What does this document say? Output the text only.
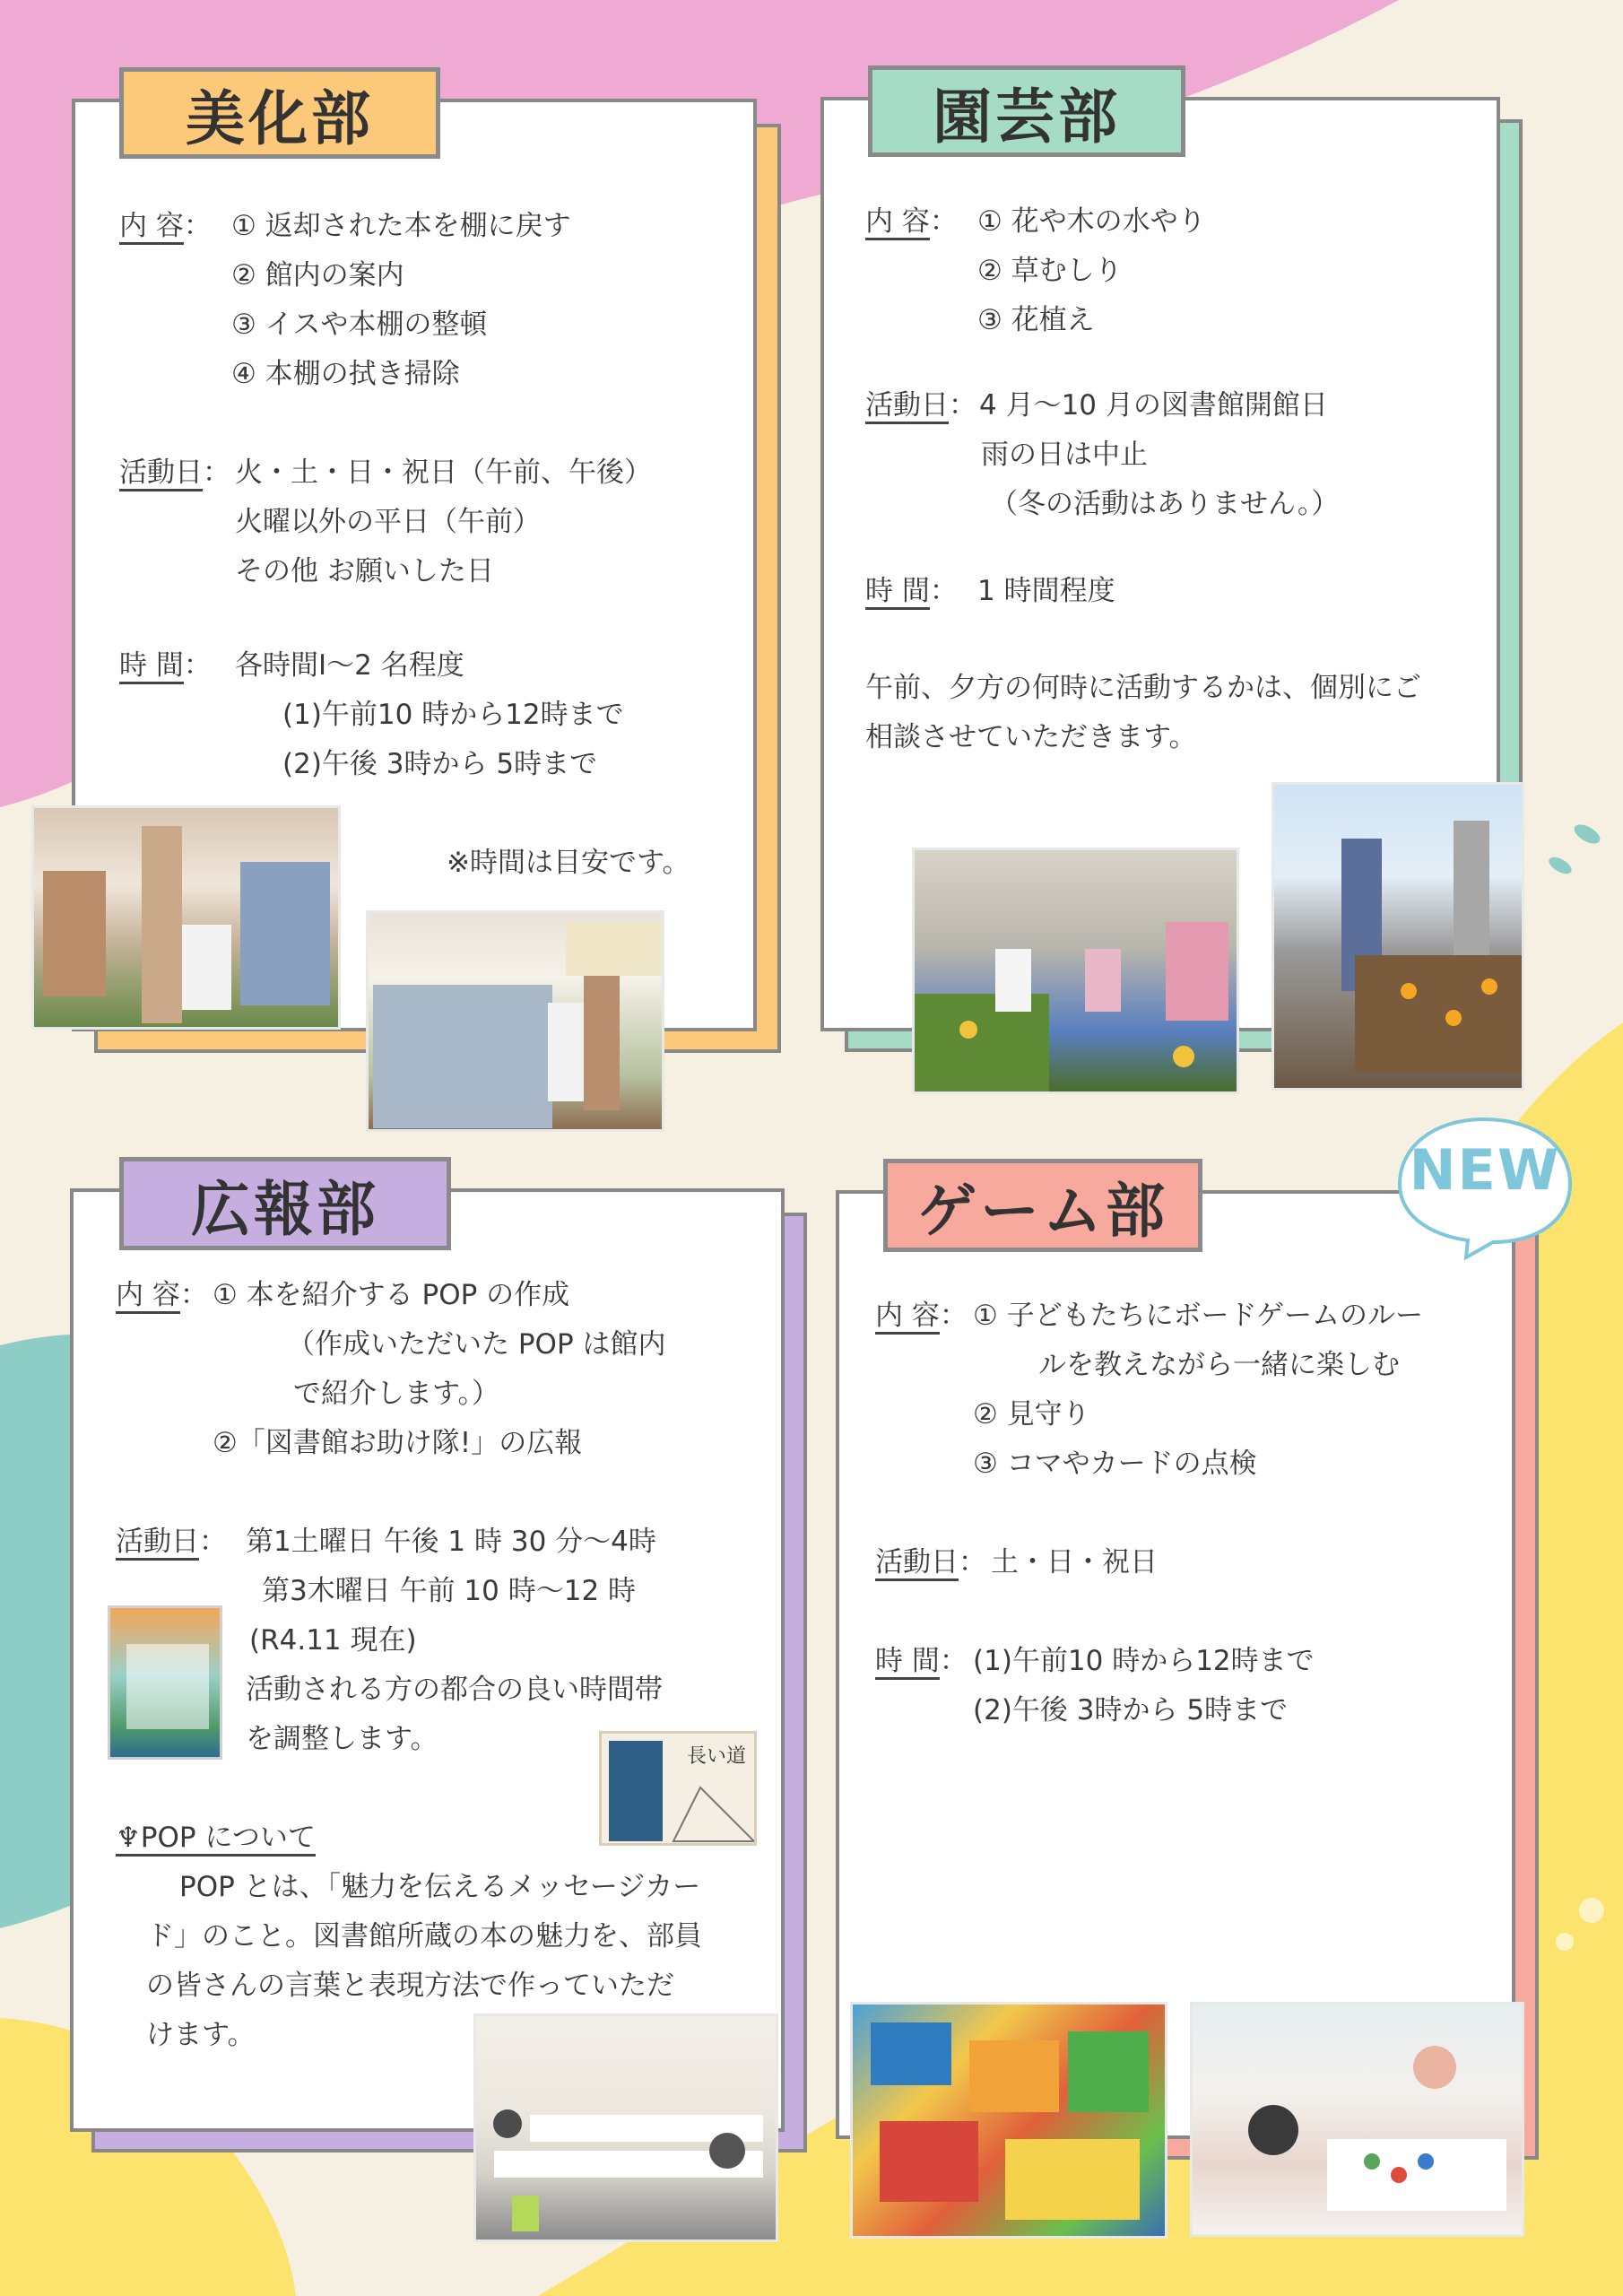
美化部
内 容： ① 返却された本を棚に戻す
② 館内の案内
③ イスや本棚の整頓
④ 本棚の拭き掃除
活動日： 火・土・日・祝日（午前、午後）
火曜以外の平日（午前）
その他 お願いした日
時 間： 各時間Ⅰ～2 名程度
(1)午前10 時から12時まで
(2)午後 3時から 5時まで
※時間は目安です。
園芸部
内 容： ① 花や木の水やり
② 草むしり
③ 花植え
活動日： 4 月～10 月の図書館開館日
雨の日は中止
（冬の活動はありません。）
時 間： 1 時間程度
午前、夕方の何時に活動するかは、個別にご
相談させていただきます。
広報部
内 容： ① 本を紹介する POP の作成
（作成いただいた POP は館内
で紹介します。）
②「図書館お助け隊!」の広報
活動日： 第1土曜日 午後 1 時 30 分～4時
第3木曜日 午前 10 時～12 時
(R4.11 現在)
活動される方の都合の良い時間帯
を調整します。
長い道
♆POP について
POP とは、「魅力を伝えるメッセージカー
ド」のこと。図書館所蔵の本の魅力を、部員
の皆さんの言葉と表現方法で作っていただ
けます。
ゲーム部
NEW
内 容： ① 子どもたちにボードゲームのルー
ルを教えながら一緒に楽しむ
② 見守り
③ コマやカードの点検
活動日： 土・日・祝日
時 間： (1)午前10 時から12時まで
(2)午後 3時から 5時まで
